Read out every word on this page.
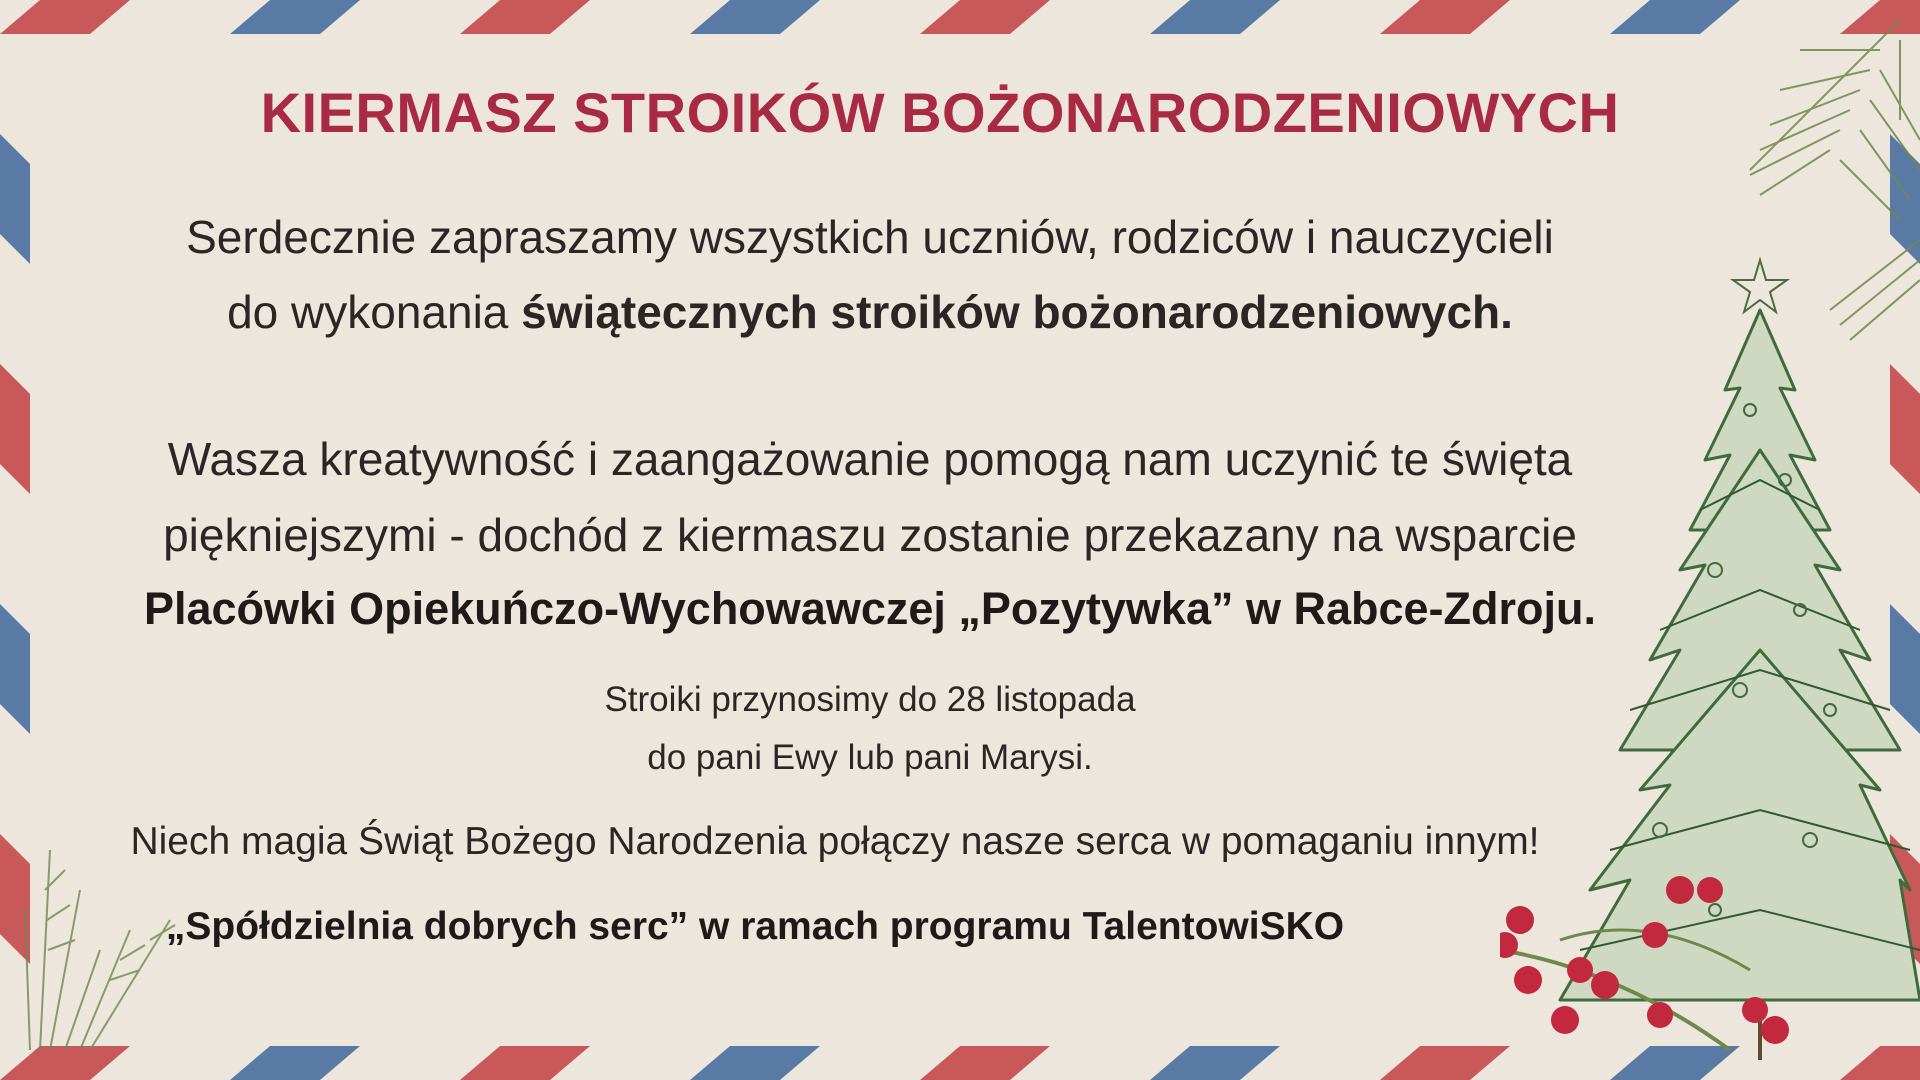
KIERMASZ STROIKÓW BOŻONARODZENIOWYCH
Serdecznie zapraszamy wszystkich uczniów, rodziców i nauczycieli
do wykonania świątecznych stroików bożonarodzeniowych.
Wasza kreatywność i zaangażowanie pomogą nam uczynić te święta
piękniejszymi - dochód z kiermaszu zostanie przekazany na wsparcie
Placówki Opiekuńczo-Wychowawczej „Pozytywka” w Rabce-Zdroju.
Stroiki przynosimy do 28 listopada
do pani Ewy lub pani Marysi.
Niech magia Świąt Bożego Narodzenia połączy nasze serca w pomaganiu innym!
„Spółdzielnia dobrych serc” w ramach programu TalentowiSKO
